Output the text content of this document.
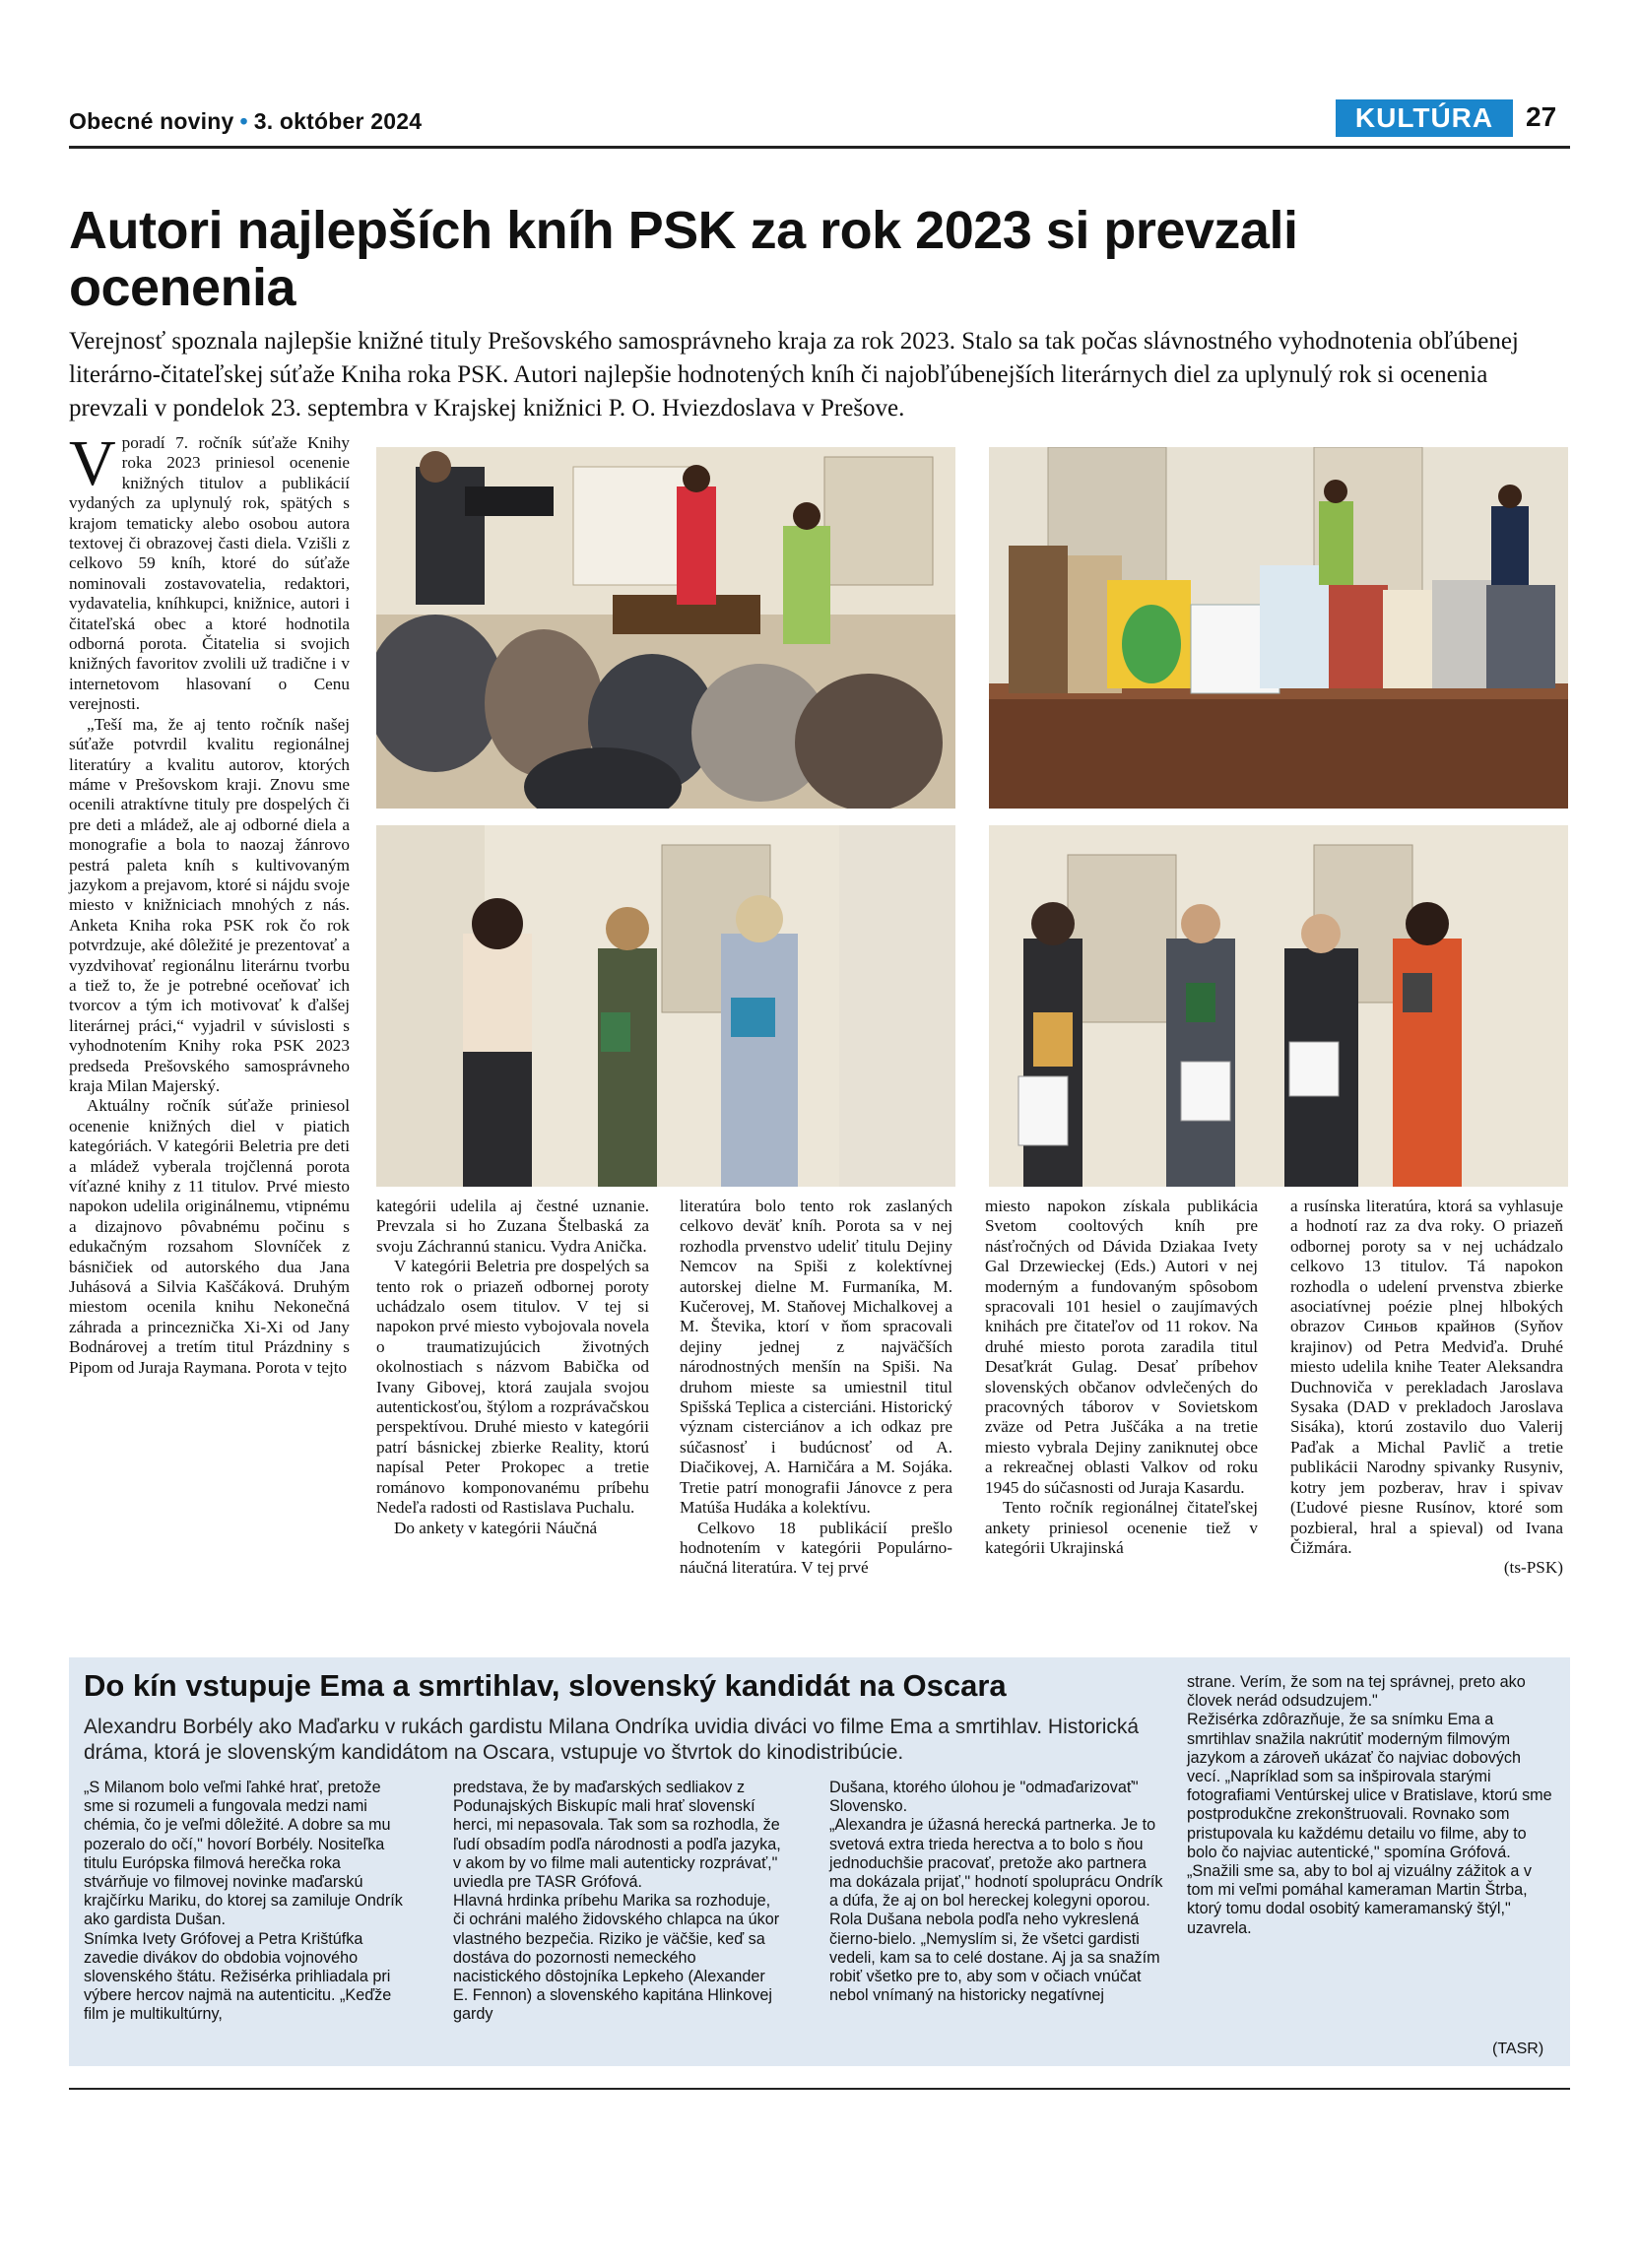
Obecné noviny • 3. október 2024	KULTÚRA	27
Autori najlepších kníh PSK za rok 2023 si prevzali ocenenia
Verejnosť spoznala najlepšie knižné tituly Prešovského samosprávneho kraja za rok 2023. Stalo sa tak počas slávnostného vyhodnotenia obľúbenej literárno-čitateľskej súťaže Kniha roka PSK. Autori najlepšie hodnotených kníh či najobľúbenejších literárnych diel za uplynulý rok si ocenenia prevzali v pondelok 23. septembra v Krajskej knižnici P. O. Hviezdoslava v Prešove.

Vporadí 7. ročník súťaže Knihy roka 2023 priniesol ocenenie knižných titulov a publikácií vydaných za uplynulý rok, spätých s krajom tematicky alebo osobou autora textovej či obrazovej časti diela. Vzišli z celkovo 59 kníh, ktoré do súťaže nominovali zostavovatelia, redaktori, vydavatelia, kníhkupci, knižnice, autori i čitateľská obec a ktoré hodnotila odborná porota. Čitatelia si svojich knižných favoritov zvolili už tradične i v internetovom hlasovaní o Cenu verejnosti.

„Teší ma, že aj tento ročník našej súťaže potvrdil kvalitu regionálnej literatúry a kvalitu autorov, ktorých máme v Prešovskom kraji. Znovu sme ocenili atraktívne tituly pre dospelých či pre deti a mládež, ale aj odborné diela a monografie a bola to naozaj žánrovo pestrá paleta kníh s kultivovaným jazykom a prejavom, ktoré si nájdu svoje miesto v knižniciach mnohých z nás. Anketa Kniha roka PSK rok čo rok potvrdzuje, aké dôležité je prezentovať a vyzdvihovať regionálnu literárnu tvorbu a tiež to, že je potrebné oceňovať ich tvorcov a tým ich motivovať k ďalšej literárnej práci,“ vyjadril v súvislosti s vyhodnotením Knihy roka PSK 2023 predseda Prešovského samosprávneho kraja Milan Majerský.

Aktuálny ročník súťaže priniesol ocenenie knižných diel v piatich kategóriách. V kategórii Beletria pre deti a mládež vyberala trojčlenná porota víťazné knihy z 11 titulov. Prvé miesto napokon udelila originálnemu, vtipnému a dizajnovo pôvabnému počinu s edukačným rozsahom Slovníček z básničiek od autorského dua Jana Juhásová a Silvia Kaščáková. Druhým miestom ocenila knihu Nekonečná záhrada a princeznička Xi-Xi od Jany Bodnárovej a tretím titul Prázdniny s Pipom od Juraja Raymana. Porota v tejto

kategórii udelila aj čestné uznanie. Prevzala si ho Zuzana Štelbaská za svoju Záchrannú stanicu. Vydra Anička.

V kategórii Beletria pre dospelých sa tento rok o priazeň odbornej poroty uchádzalo osem titulov. V tej si napokon prvé miesto vybojovala novela o traumatizujúcich životných okolnostiach s názvom Babička od Ivany Gibovej, ktorá zaujala svojou autentickosťou, štýlom a rozprávačskou perspektívou. Druhé miesto v kategórii patrí básnickej zbierke Reality, ktorú napísal Peter Prokopec a tretie románovo komponovanému príbehu Nedeľa radosti od Rastislava Puchalu.

Do ankety v kategórii Náučná

literatúra bolo tento rok zaslaných celkovo deväť kníh. Porota sa v nej rozhodla prvenstvo udeliť titulu Dejiny Nemcov na Spiši z kolektívnej autorskej dielne M. Furmaníka, M. Kučerovej, M. Staňovej Michalkovej a M. Števika, ktorí v ňom spracovali dejiny jednej z najväčších národnostných menšín na Spiši. Na druhom mieste sa umiestnil titul Spišská Teplica a cisterciáni. Historický význam cisterciánov a ich odkaz pre súčasnosť i budúcnosť od A. Diačikovej, A. Harničára a M. Sojáka. Tretie patrí monografii Jánovce z pera Matúša Hudáka a kolektívu.

Celkovo 18 publikácií prešlo hodnotením v kategórii Populárno-náučná literatúra. V tej prvé

miesto napokon získala publikácia Svetom cooltových kníh pre násťročných od Dávida Dziakaa Ivety Gal Drzewieckej (Eds.) Autori v nej moderným a fundovaným spôsobom spracovali 101 hesiel o zaujímavých knihách pre čitateľov od 11 rokov. Na druhé miesto porota zaradila titul Desaťkrát Gulag. Desať príbehov slovenských občanov odvlečených do pracovných táborov v Sovietskom zväze od Petra Juščáka a na tretie miesto vybrala Dejiny zaniknutej obce a rekreačnej oblasti Valkov od roku 1945 do súčasnosti od Juraja Kasardu.

Tento ročník regionálnej čitateľskej ankety priniesol ocenenie tiež v kategórii Ukrajinská

a rusínska literatúra, ktorá sa vyhlasuje a hodnotí raz za dva roky. O priazeň odbornej poroty sa v nej uchádzalo celkovo 13 titulov. Tá napokon rozhodla o udelení prvenstva zbierke asociatívnej poézie plnej hlbokých obrazov Синьов крайнов (Syňov krajinov) od Petra Medviďa. Druhé miesto udelila knihe Teater Aleksandra Duchnoviča v perekladach Jaroslava Sysaka (DAD v prekladoch Jaroslava Sisáka), ktorú zostavilo duo Valerij Paďak a Michal Pavlič a tretie publikácii Narodny spivanky Rusynіv, kotry jem pozberav, hrav i spivav (Ľudové piesne Rusínov, ktoré som pozbieral, hral a spieval) od Ivana Čižmára.

(ts-PSK)

Do kín vstupuje Ema a smrtihlav, slovenský kandidát na Oscara
Alexandru Borbély ako Maďarku v rukách gardistu Milana Ondríka uvidia diváci vo filme Ema a smrtihlav. Historická dráma, ktorá je slovenským kandidátom na Oscara, vstupuje vo štvrtok do kinodistribúcie.

„S Milanom bolo veľmi ľahké hrať, pretože sme si rozumeli a fungovala medzi nami chémia, čo je veľmi dôležité. A dobre sa mu pozeralo do očí," hovorí Borbély. Nositeľka titulu Európska filmová herečka roka stvárňuje vo filmovej novinke maďarskú krajčírku Mariku, do ktorej sa zamiluje Ondrík ako gardista Dušan.

Snímka Ivety Grófovej a Petra Krištúfka zavedie divákov do obdobia vojnového slovenského štátu. Režisérka prihliadala pri výbere hercov najmä na autenticitu. „Keďže film je multikultúrny,

predstava, že by maďarských sedliakov z Podunajských Biskupíc mali hrať slovenskí herci, mi nepasovala. Tak som sa rozhodla, že ľudí obsadím podľa národnosti a podľa jazyka, v akom by vo filme mali autenticky rozprávať," uviedla pre TASR Grófová.

Hlavná hrdinka príbehu Marika sa rozhoduje, či ochráni malého židovského chlapca na úkor vlastného bezpečia. Riziko je väčšie, keď sa dostáva do pozornosti nemeckého nacistického dôstojníka Lepkeho (Alexander E. Fennon) a slovenského kapitána Hlinkovej gardy

Dušana, ktorého úlohou je "odmaďarizovať" Slovensko.

„Alexandra je úžasná herecká partnerka. Je to svetová extra trieda herectva a to bolo s ňou jednoduchšie pracovať, pretože ako partnera ma dokázala prijať," hodnotí spoluprácu Ondrík a dúfa, že aj on bol hereckej kolegyni oporou. Rola Dušana nebola podľa neho vykreslená čierno-bielo. „Nemyslím si, že všetci gardisti vedeli, kam sa to celé dostane. Aj ja sa snažím robiť všetko pre to, aby som v očiach vnúčat nebol vnímaný na historicky negatívnej

strane. Verím, že som na tej správnej, preto ako človek nerád odsudzujem."

Režisérka zdôrazňuje, že sa snímku Ema a smrtihlav snažila nakrútiť moderným filmovým jazykom a zároveň ukázať čo najviac dobových vecí. „Napríklad som sa inšpirovala starými fotografiami Ventúrskej ulice v Bratislave, ktorú sme postprodukčne zrekonštruovali. Rovnako som pristupovala ku každému detailu vo filme, aby to bolo čo najviac autentické," spomína Grófová. „Snažili sme sa, aby to bol aj vizuálny zážitok a v tom mi veľmi pomáhal kameraman Martin Štrba, ktorý tomu dodal osobitý kameramanský štýl," uzavrela.

(TASR)
